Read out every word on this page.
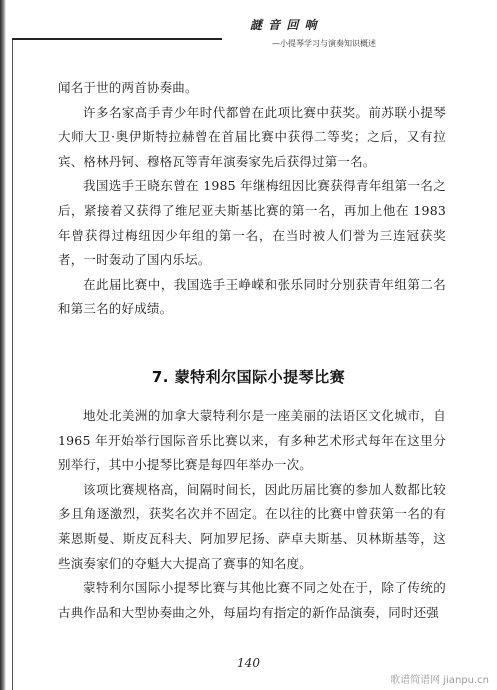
謎 音 回 响
—小提琴学习与演奏知识概述

闻名于世的两首协奏曲。

许多名家高手青少年时代都曾在此项比赛中获奖。前苏联小提琴大师大卫·奥伊斯特拉赫曾在首届比赛中获得二等奖；之后，又有拉宾、格林丹钶、穆格瓦等青年演奏家先后获得过第一名。

我国选手王晓东曾在 1985 年继梅纽因比赛获得青年组第一名之后，紧接着又获得了维尼亚夫斯基比赛的第一名，再加上他在 1983 年曾获得过梅纽因少年组的第一名，在当时被人们誉为三连冠获奖者，一时轰动了国内乐坛。

在此届比赛中，我国选手王峥嵘和张乐同时分别获青年组第二名和第三名的好成绩。

7. 蒙特利尔国际小提琴比赛

地处北美洲的加拿大蒙特利尔是一座美丽的法语区文化城市，自 1965 年开始举行国际音乐比赛以来，有多种艺术形式每年在这里分别举行，其中小提琴比赛是每四年举办一次。

该项比赛规格高，间隔时间长，因此历届比赛的参加人数都比较多且角逐激烈，获奖名次并不固定。在以往的比赛中曾获第一名的有莱恩斯曼、斯皮瓦科夫、阿加罗尼扬、萨卓夫斯基、贝林斯基等，这些演奏家们的夺魁大大提高了赛事的知名度。

蒙特利尔国际小提琴比赛与其他比赛不同之处在于，除了传统的古典作品和大型协奏曲之外，每届均有指定的新作品演奏，同时还强

140
歌谱简谱网 jianpu.cn
